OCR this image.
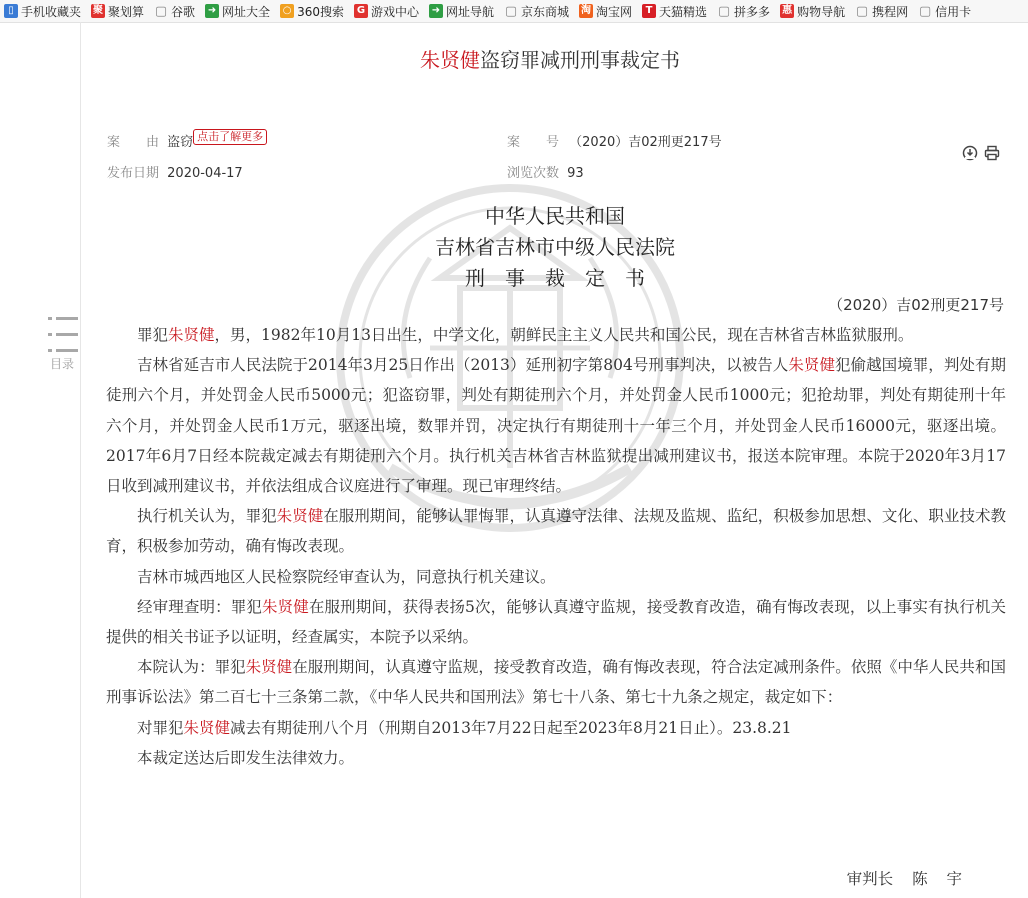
▯ 手机收藏夹 聚 聚划算 ▢ 谷歌 ➜ 网址大全 ○ 360搜索 G 游戏中心 ➜ 网址导航 ▢ 京东商城 淘 淘宝网	T 天猫精选 ▢ 拼多多 惠 购物导航 ▢ 携程网 ▢ 信用卡
目录
朱贤健盗窃罪减刑刑事裁定书
案　　由 盗窃 点击了解更多	案　　号 （2020）吉02刑更217号
发布日期 2020-04-17	浏览次数 93
中华人民共和国
吉林省吉林市中级人民法院
刑　事　裁　定　书
（2020）吉02刑更217号

罪犯朱贤健，男，1982年10月13日出生，中学文化，朝鲜民主主义人民共和国公民，现在吉林省吉林监狱服刑。

吉林省延吉市人民法院于2014年3月25日作出（2013）延刑初字第804号刑事判决，以被告人朱贤健犯偷越国境罪，判处有期徒刑六个月，并处罚金人民币5000元；犯盗窃罪，判处有期徒刑六个月，并处罚金人民币1000元；犯抢劫罪，判处有期徒刑十年六个月，并处罚金人民币1万元，驱逐出境，数罪并罚，决定执行有期徒刑十一年三个月，并处罚金人民币16000元，驱逐出境。2017年6月7日经本院裁定减去有期徒刑六个月。执行机关吉林省吉林监狱提出减刑建议书，报送本院审理。本院于2020年3月17日收到减刑建议书，并依法组成合议庭进行了审理。现已审理终结。

执行机关认为，罪犯朱贤健在服刑期间，能够认罪悔罪，认真遵守法律、法规及监规、监纪，积极参加思想、文化、职业技术教育，积极参加劳动，确有悔改表现。

吉林市城西地区人民检察院经审查认为，同意执行机关建议。

经审理查明：罪犯朱贤健在服刑期间，获得表扬5次，能够认真遵守监规，接受教育改造，确有悔改表现，以上事实有执行机关提供的相关书证予以证明，经查属实，本院予以采纳。

本院认为：罪犯朱贤健在服刑期间，认真遵守监规，接受教育改造，确有悔改表现，符合法定减刑条件。依照《中华人民共和国刑事诉讼法》第二百七十三条第二款，《中华人民共和国刑法》第七十八条、第七十九条之规定，裁定如下：

对罪犯朱贤健减去有期徒刑八个月（刑期自2013年7月22日起至2023年8月21日止）。23.8.21

本裁定送达后即发生法律效力。

审判长 陈 宇
